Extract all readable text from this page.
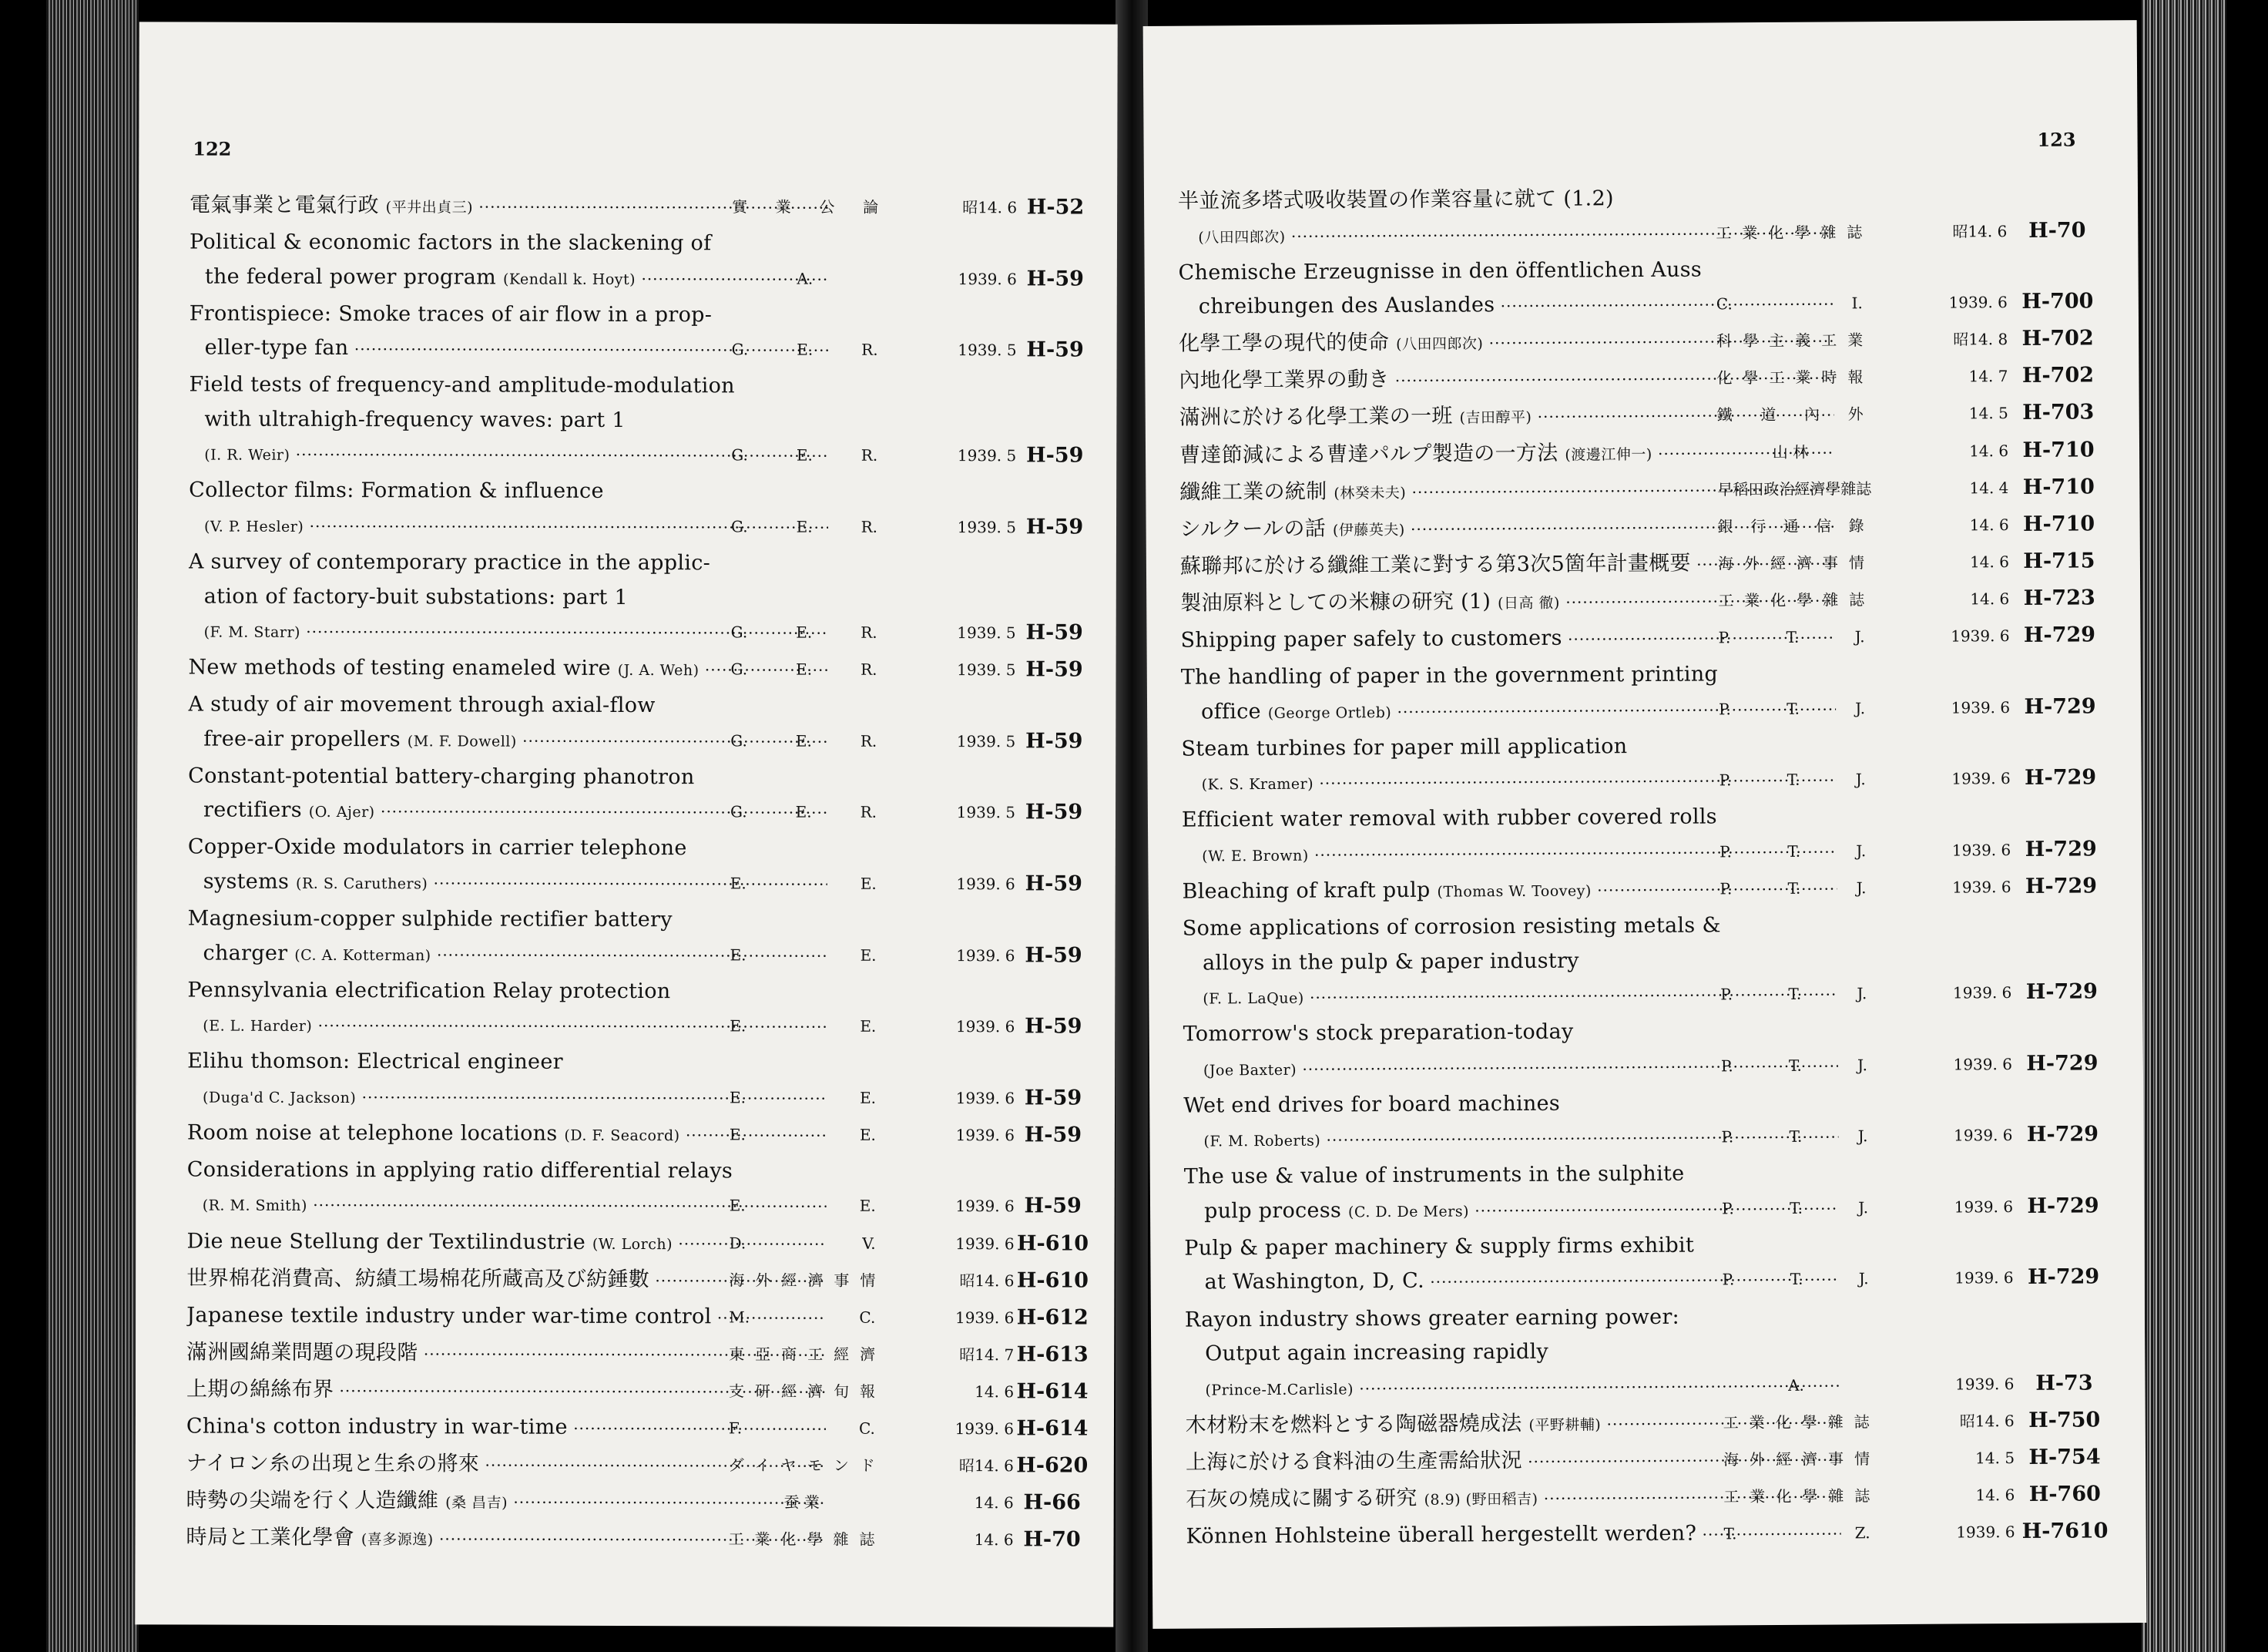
122
電氣事業と電氣行政 (平井出貞三) ·····	實 業 公 論	昭14. 6 H-52
Political & economic factors in the slackening of
the federal power program (Kendall k. Hoyt) ·····	A.	1939. 6 H-59
Frontispiece: Smoke traces of air flow in a prop-
eller-type fan ·····	G. E. R.	1939. 5 H-59
Field tests of frequency-and amplitude-modulation
with ultrahigh-frequency waves: part 1
(I. R. Weir) ·····	G. E. R.	1939. 5 H-59
Collector films: Formation & influence
(V. P. Hesler) ·····	G. E. R.	1939. 5 H-59
A survey of contemporary practice in the applic-
ation of factory-buit substations: part 1
(F. M. Starr) ·····	G. E. R.	1939. 5 H-59
New methods of testing enameled wire (J. A. Weh) ·····	G. E. R.	1939. 5 H-59
A study of air movement through axial-flow
free-air propellers (M. F. Dowell) ·····	G. E. R.	1939. 5 H-59
Constant-potential battery-charging phanotron
rectifiers (O. Ajer) ·····	G. E. R.	1939. 5 H-59
Copper-Oxide modulators in carrier telephone
systems (R. S. Caruthers) ·····	E. E.	1939. 6 H-59
Magnesium-copper sulphide rectifier battery
charger (C. A. Kotterman) ·····	E. E.	1939. 6 H-59
Pennsylvania electrification Relay protection
(E. L. Harder) ·····	E. E.	1939. 6 H-59
Elihu thomson: Electrical engineer
(Duga'd C. Jackson) ·····	E. E.	1939. 6 H-59
Room noise at telephone locations (D. F. Seacord) ·····	E. E.	1939. 6 H-59
Considerations in applying ratio differential relays
(R. M. Smith) ·····	E. E.	1939. 6 H-59
Die neue Stellung der Textilindustrie (W. Lorch) ·····	D. V.	1939. 6 H-610
世界棉花消費高、紡績工場棉花所蔵高及び紡錘數 ·····	海外經濟事情	昭14. 6 H-610
Japanese textile industry under war-time control ·····	M. C.	1939. 6 H-612
滿洲國綿業問題の現段階 ·····	東亞商工經濟	昭14. 7 H-613
上期の綿絲布界 ·····	支研經濟旬報	14. 6 H-614
China's cotton industry in war-time ·····	F. C.	1939. 6 H-614
ナイロン糸の出現と生糸の將來 ·····	ダイヤモンド	昭14. 6 H-620
時勢の尖端を行く人造纖維 (桑 昌吉) ·····	蚕 業	14. 6 H-66
時局と工業化學會 (喜多源逸) ·····	工業化學雜誌	14. 6 H-70
123
半並流多塔式吸收裝置の作業容量に就て (1.2)
(八田四郎次) ·····	工業化學雜誌	昭14. 6	H-70
Chemische Erzeugnisse in den öffentlichen Auss
chreibungen des Auslandes ·····	C. I.	1939. 6 H-700
化學工學の現代的使命 (八田四郎次) ·····	科學主義工業	昭14. 8 H-702
內地化學工業界の動き ·····	化學工業時報	14. 7 H-702
滿洲に於ける化學工業の一班 (吉田醇平) ·····	鐵 道 內 外	14. 5 H-703
曹達節減による曹達パルプ製造の一方法 (渡邊江伸一) ·····	山 林	14. 6 H-710
纖維工業の統制 (林癸未夫) ·····	早稻田政治經濟學雜誌	14. 4 H-710
シルクールの話 (伊藤英夫) ·····	銀行通信錄	14. 6 H-710
蘇聯邦に於ける纖維工業に對する第3次5箇年計畫概要 ·····	海外經濟事情	14. 6 H-715
製油原料としての米糠の研究 (1) (日高 徹) ·····	工業化學雜誌	14. 6 H-723
Shipping paper safely to customers ·····	P. T. J.	1939. 6 H-729
The handling of paper in the government printing
office (George Ortleb) ·····	P. T. J.	1939. 6 H-729
Steam turbines for paper mill application
(K. S. Kramer) ·····	P. T. J.	1939. 6 H-729
Efficient water removal with rubber covered rolls
(W. E. Brown) ·····	P. T. J.	1939. 6 H-729
Bleaching of kraft pulp (Thomas W. Toovey) ·····	P. T. J.	1939. 6 H-729
Some applications of corrosion resisting metals &
alloys in the pulp & paper industry
(F. L. LaQue) ·····	P. T. J.	1939. 6 H-729
Tomorrow's stock preparation-today
(Joe Baxter) ·····	P. T. J.	1939. 6 H-729
Wet end drives for board machines
(F. M. Roberts) ·····	P. T. J.	1939. 6 H-729
The use & value of instruments in the sulphite
pulp process (C. D. De Mers) ·····	P. T. J.	1939. 6 H-729
Pulp & paper machinery & supply firms exhibit
at Washington, D, C. ·····	P. T. J.	1939. 6 H-729
Rayon industry shows greater earning power:
Output again increasing rapidly
(Prince-M.Carlisle) ·····	A.	1939. 6	H-73
木材粉末を燃料とする陶磁器燒成法 (平野耕輔) ·····	工業化學雜誌	昭14. 6 H-750
上海に於ける食料油の生產需給狀況 ·····	海外經濟事情	14. 5 H-754
石灰の燒成に關する研究 (8.9) (野田稻吉) ·····	工業化學雜誌	14. 6 H-760
Können Hohlsteine überall hergestellt werden? ·····	T. Z.	1939. 6 H-7610
